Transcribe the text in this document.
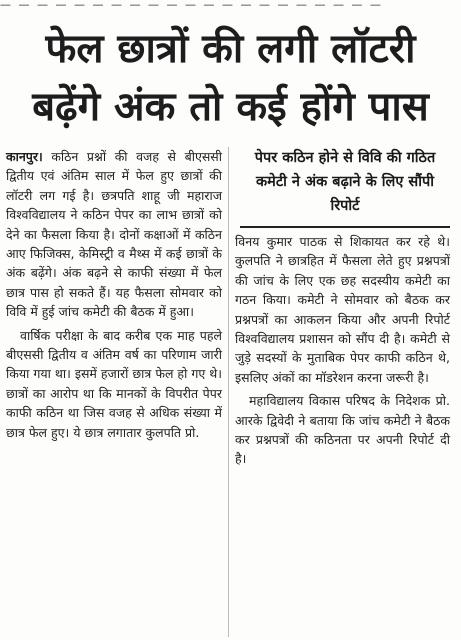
— — — — — — — — — — — — — — — — — — — — —
फेल छात्रों की लगी लॉटरी
बढ़ेंगे अंक तो कई होंगे पास

कानपुर। कठिन प्रश्नों की वजह से बीएससी द्वितीय एवं अंतिम साल में फेल हुए छात्रों की लॉटरी लग गई है। छत्रपति शाहू जी महाराज विश्वविद्यालय ने कठिन पेपर का लाभ छात्रों को देने का फैसला किया है। दोनों कक्षाओं में कठिन आए फिजिक्स, केमिस्ट्री व मैथ्स में कई छात्रों के अंक बढ़ेंगे। अंक बढ़ने से काफी संख्या में फेल छात्र पास हो सकते हैं। यह फैसला सोमवार को विवि में हुई जांच कमेटी की बैठक में हुआ।

वार्षिक परीक्षा के बाद करीब एक माह पहले बीएससी द्वितीय व अंतिम वर्ष का परिणाम जारी किया गया था। इसमें हजारों छात्र फेल हो गए थे। छात्रों का आरोप था कि मानकों के विपरीत पेपर काफी कठिन था जिस वजह से अधिक संख्या में छात्र फेल हुए। ये छात्र लगातार कुलपति प्रो.

पेपर कठिन होने से विवि की गठित कमेटी ने अंक बढ़ाने के लिए सौंपी रिपोर्ट

विनय कुमार पाठक से शिकायत कर रहे थे। कुलपति ने छात्रहित में फैसला लेते हुए प्रश्नपत्रों की जांच के लिए एक छह सदस्यीय कमेटी का गठन किया। कमेटी ने सोमवार को बैठक कर प्रश्नपत्रों का आकलन किया और अपनी रिपोर्ट विश्वविद्यालय प्रशासन को सौंप दी है। कमेटी से जुड़े सदस्यों के मुताबिक पेपर काफी कठिन थे, इसलिए अंकों का मॉडरेशन करना जरूरी है।

महाविद्यालय विकास परिषद के निदेशक प्रो. आरके द्विवेदी ने बताया कि जांच कमेटी ने बैठक कर प्रश्नपत्रों की कठिनता पर अपनी रिपोर्ट दी है।
